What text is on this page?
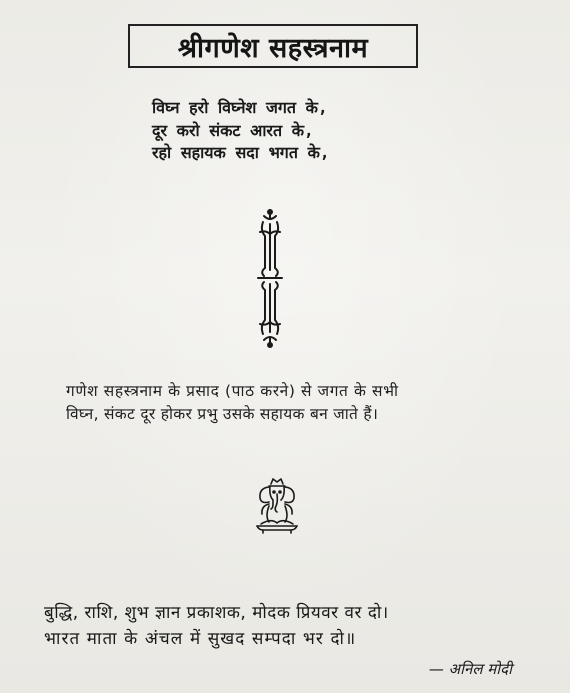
श्रीगणेश सहस्त्रनाम
विघ्न हरो विघ्नेश जगत के,
दूर करो संकट आरत के,
रहो सहायक सदा भगत के,
गणेश सहस्त्रनाम के प्रसाद (पाठ करने) से जगत के सभी
विघ्न, संकट दूर होकर प्रभु उसके सहायक बन जाते हैं।
बुद्धि, राशि, शुभ ज्ञान प्रकाशक, मोदक प्रियवर वर दो।
भारत माता के अंचल में सुखद सम्पदा भर दो॥
— अनिल मोदी
